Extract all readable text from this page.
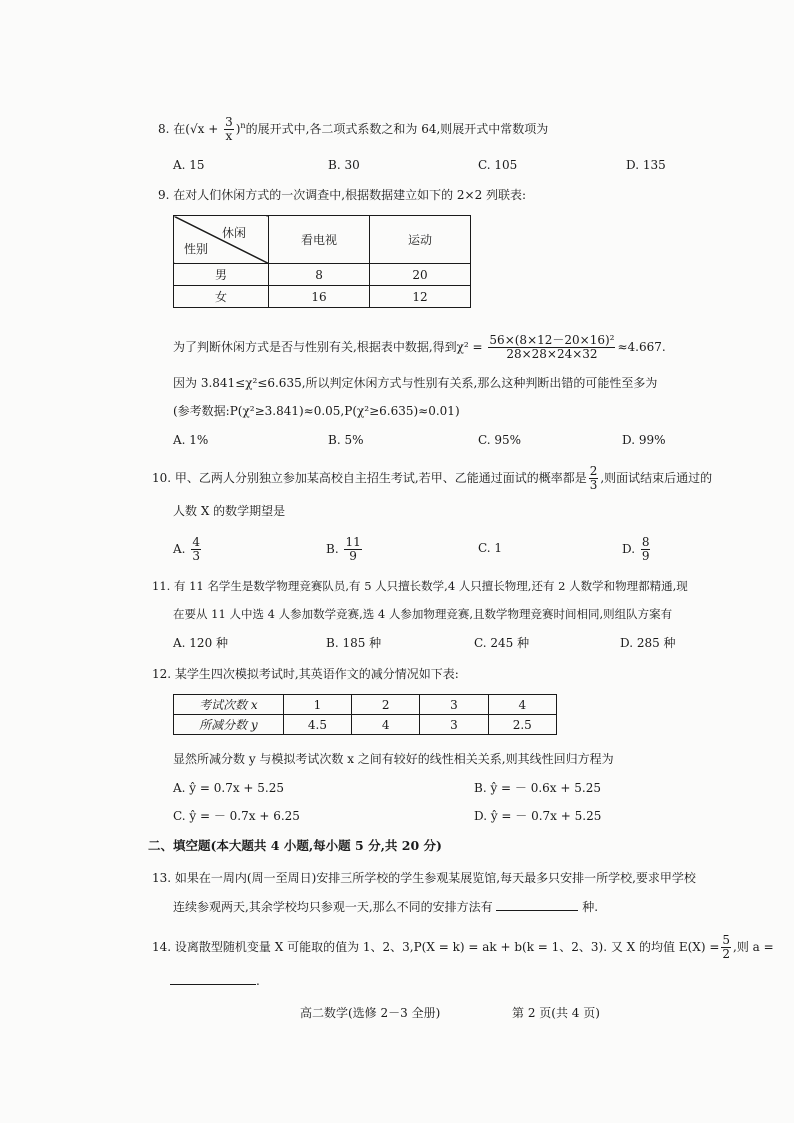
8. 在$(√x + \frac{3}{x} )^n$的展开式中,各二项式系数之和为 64,则展开式中常数项为
A. 15	B. 30	C. 105	D. 135
9. 在对人们休闲方式的一次调查中,根据数据建立如下的 2×2 列联表:
休闲
性别	看电视	运动
男	8	20
女	16	12
为了判断休闲方式是否与性别有关,根据表中数据,得到$\chi^2 = \frac{\text{56×(8×12－20×16)²}}{28\times 28\times 24\times 32} \approx 4.667$.
因为 3.841≤χ²≤6.635,所以判定休闲方式与性别有关系,那么这种判断出错的可能性至多为
(参考数据:P(χ²≥3.841)≈0.05,P(χ²≥6.635)≈0.01)
A. 1%	B. 5%	C. 95%	D. 99%
10. 甲、乙两人分别独立参加某高校自主招生考试,若甲、乙能通过面试的概率都是 $\frac{2}{3}$ ,则面试结束后通过的
人数 X 的数学期望是
A. $\frac{4}{3}$	B. $\frac{11}{9}$	C. 1	D. $\frac{8}{9}$
11. 有 11 名学生是数学物理竞赛队员,有 5 人只擅长数学,4 人只擅长物理,还有 2 人数学和物理都精通,现
在要从 11 人中选 4 人参加数学竞赛,选 4 人参加物理竞赛,且数学物理竞赛时间相同,则组队方案有
A. 120 种	B. 185 种	C. 245 种	D. 285 种
12. 某学生四次模拟考试时,其英语作文的减分情况如下表:
考试次数 x	1	2	3	4
所减分数 y	4.5	4	3	2.5
显然所减分数 y 与模拟考试次数 x 之间有较好的线性相关关系,则其线性回归方程为
A. ŷ = 0.7x + 5.25	B. ŷ = － 0.6x + 5.25
C. ŷ = － 0.7x + 6.25	D. ŷ = － 0.7x + 5.25
二、填空题(本大题共 4 小题,每小题 5 分,共 20 分)
13. 如果在一周内(周一至周日)安排三所学校的学生参观某展览馆,每天最多只安排一所学校,要求甲学校
连续参观两天,其余学校均只参观一天,那么不同的安排方法有	种.
14. 设离散型随机变量 X 可能取的值为 1、2、3,P(X = k) = ak + b(k = 1、2、3). 又 X 的均值 $E(X) = \frac{5}{2}$ ,则 a =
.
高二数学(选修 2－3 全册)	第 2 页(共 4 页)
